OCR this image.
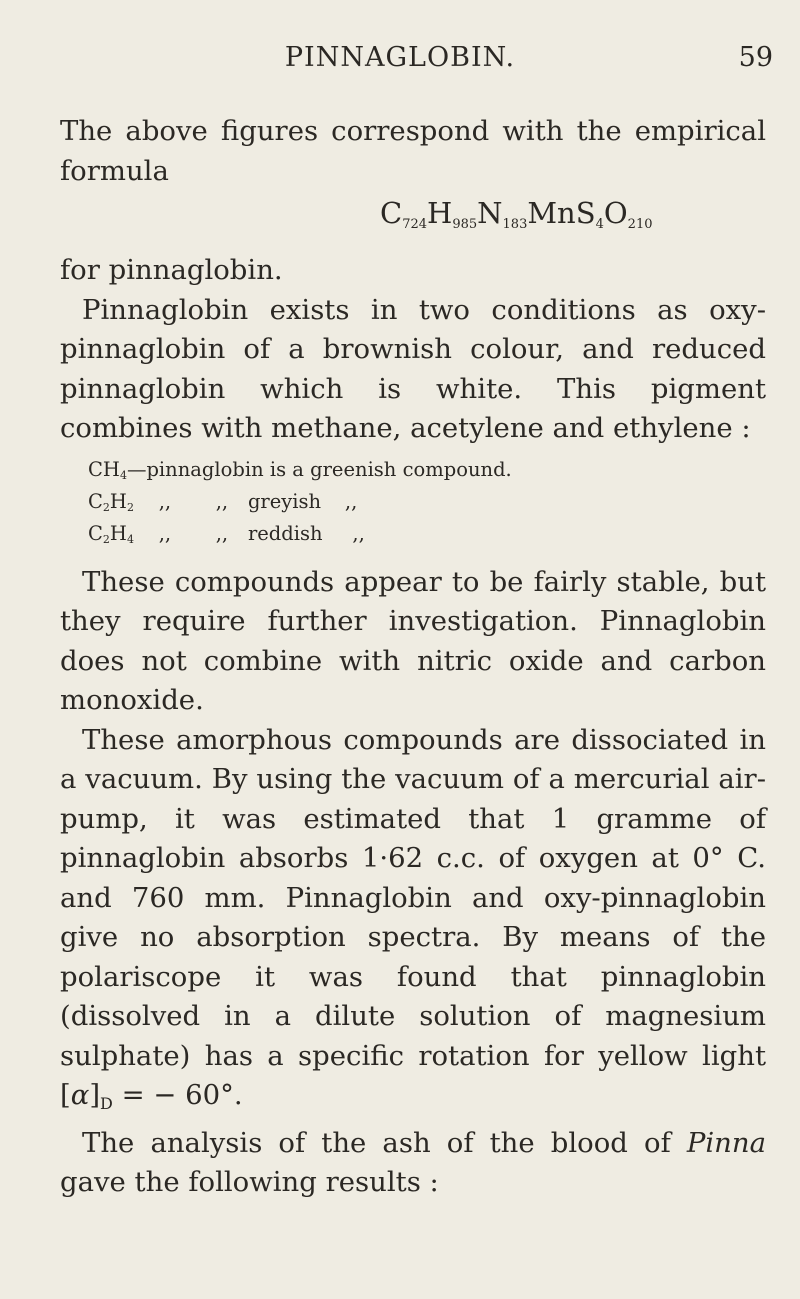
PINNAGLOBIN.	59

The above figures correspond with the empirical formula

$C_{724}H_{985}N_{183}MnS_4O_{210}$

for pinnaglobin.

Pinnaglobin exists in two conditions as oxy-pinnaglobin of a brownish colour, and reduced pinnaglobin which is white. This pigment combines with methane, acetylene and ethylene :

$CH_4—pinnaglobin$ is a greenish compound.
$C_2H_2$ ,, ,, greyish ,,
$C_2H_4$ ,, ,, reddish ,,

These compounds appear to be fairly stable, but they require further investigation. Pinnaglobin does not combine with nitric oxide and carbon monoxide.

These amorphous compounds are dissociated in a vacuum. By using the vacuum of a mercurial air-pump, it was estimated that 1 gramme of pinnaglobin absorbs 1·62 c.c. of oxygen at 0° C. and 760 mm. Pinnaglobin and oxy-pinnaglobin give no absorption spectra. By means of the polariscope it was found that pinnaglobin (dissolved in a dilute solution of magnesium sulphate) has a specific rotation for yellow light [α]D = − 60°.

The analysis of the ash of the blood of Pinna gave the following results :
